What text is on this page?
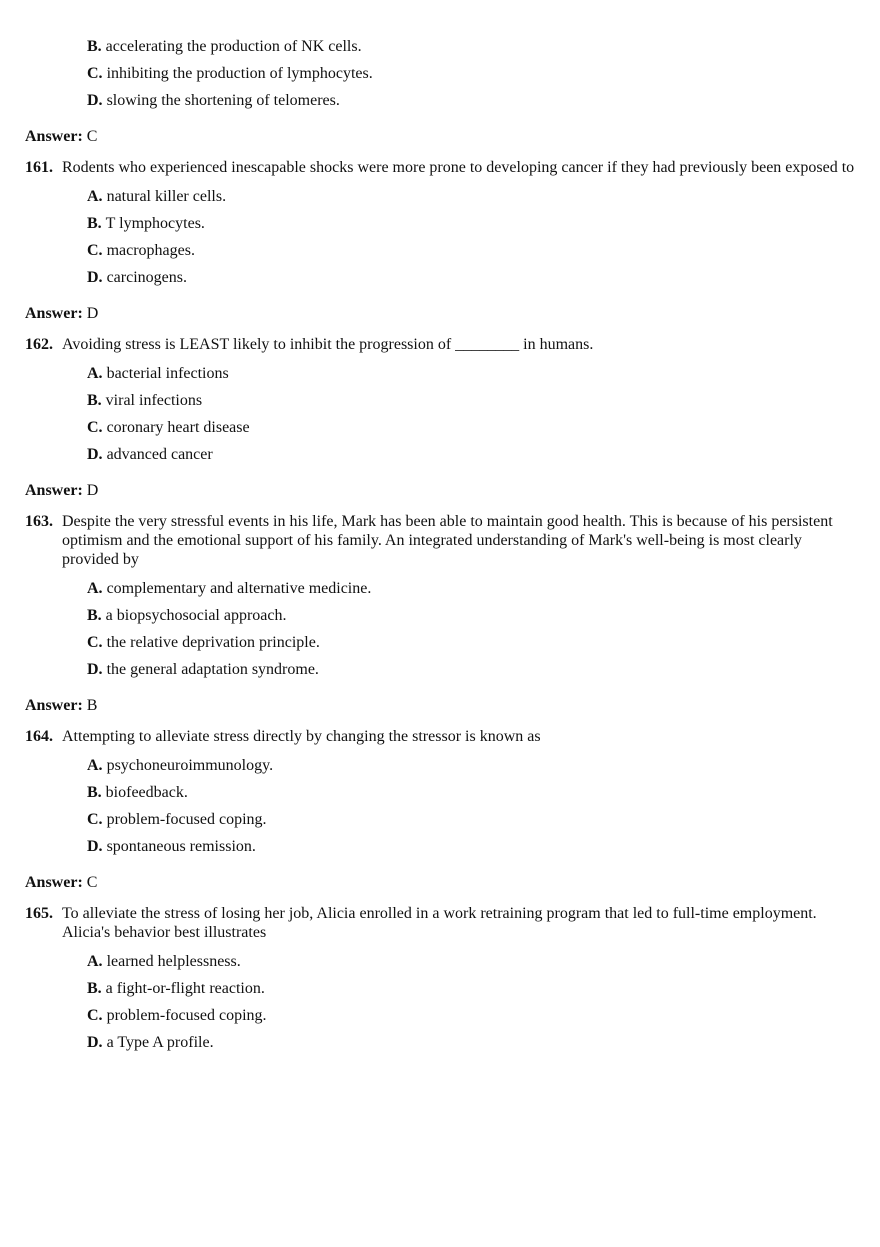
B. accelerating the production of NK cells.
C. inhibiting the production of lymphocytes.
D. slowing the shortening of telomeres.
Answer: C
161. Rodents who experienced inescapable shocks were more prone to developing cancer if they had previously been exposed to
A. natural killer cells.
B. T lymphocytes.
C. macrophages.
D. carcinogens.
Answer: D
162. Avoiding stress is LEAST likely to inhibit the progression of ________ in humans.
A. bacterial infections
B. viral infections
C. coronary heart disease
D. advanced cancer
Answer: D
163. Despite the very stressful events in his life, Mark has been able to maintain good health. This is because of his persistent optimism and the emotional support of his family. An integrated understanding of Mark's well-being is most clearly provided by
A. complementary and alternative medicine.
B. a biopsychosocial approach.
C. the relative deprivation principle.
D. the general adaptation syndrome.
Answer: B
164. Attempting to alleviate stress directly by changing the stressor is known as
A. psychoneuroimmunology.
B. biofeedback.
C. problem-focused coping.
D. spontaneous remission.
Answer: C
165. To alleviate the stress of losing her job, Alicia enrolled in a work retraining program that led to full-time employment. Alicia's behavior best illustrates
A. learned helplessness.
B. a fight-or-flight reaction.
C. problem-focused coping.
D. a Type A profile.
